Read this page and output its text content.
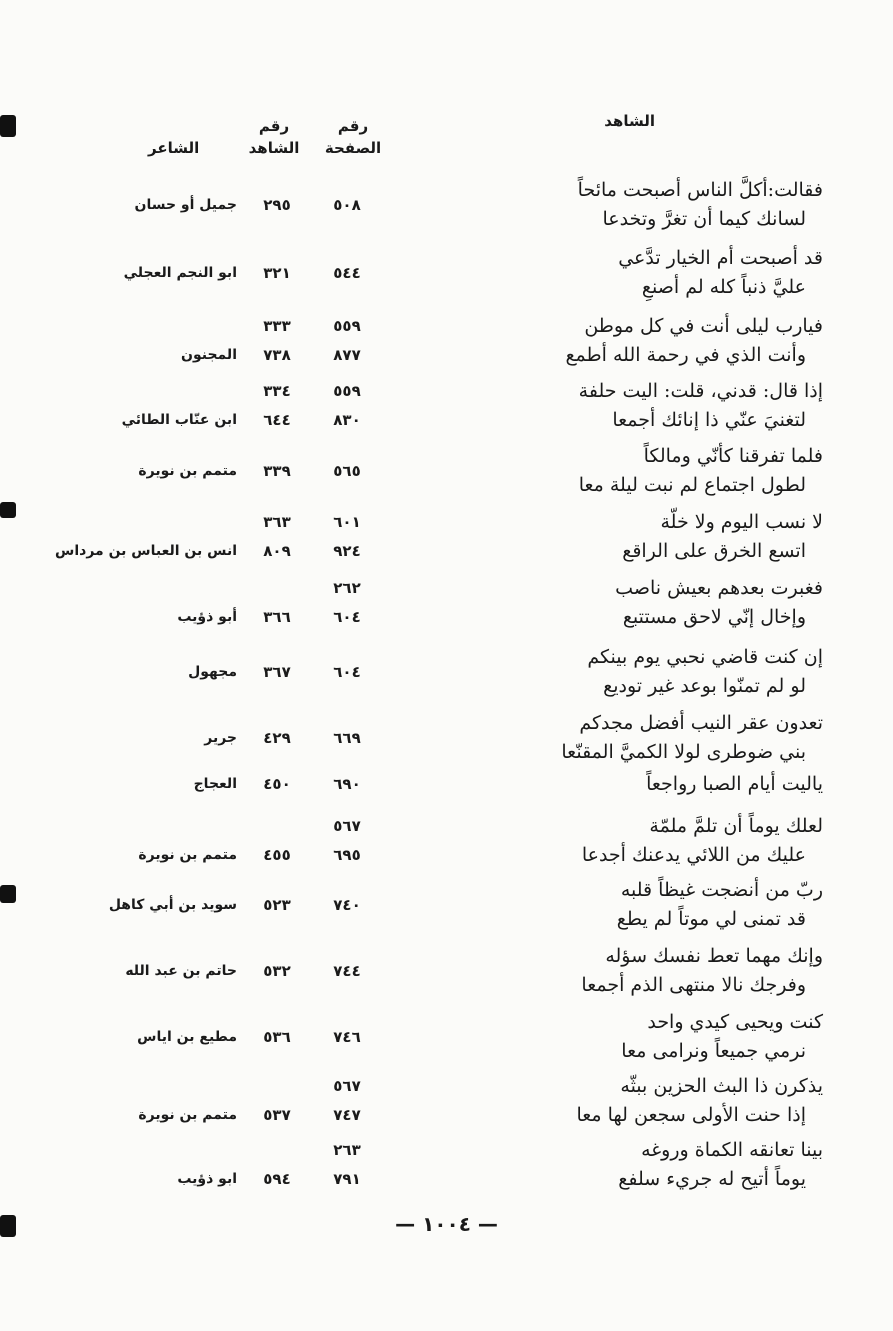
الشاهد
رقم الصفحة
رقم الشاهد
الشاعر
فقالت:أكلَّ الناس أصبحت مائحاً
لسانك كيما أن تغرَّ وتخدعا
٥٠٨
٢٩٥
جميل أو حسان
قد أصبحت أم الخيار تدَّعي
عليَّ ذنباً كله لم أصنعِ
٥٤٤
٣٢١
ابو النجم العجلي
فيارب ليلى أنت في كل موطن
وأنت الذي في رحمة الله أطمع
٥٥٩
٨٧٧
٣٣٣
٧٣٨
المجنون
إذا قال: قدني، قلت: اليت حلفة
لتغنيَ عنّي ذا إنائك أجمعا
٥٥٩
٨٣٠
٣٣٤
٦٤٤
ابن عنّاب الطائي
فلما تفرقنا كأنّي ومالكاً
لطول اجتماع لم نبت ليلة معا
٥٦٥
٣٣٩
متمم بن نويرة
لا نسب اليوم ولا خلّة
اتسع الخرق على الراقع
٦٠١
٩٢٤
٣٦٣
٨٠٩
انس بن العباس بن مرداس
فغبرت بعدهم بعيش ناصب
وإخال إنّي لاحق مستتبع
٢٦٢
٦٠٤
٣٦٦
أبو ذؤيب
إن كنت قاضي نحبي يوم بينكم
لو لم تمنّوا بوعد غير توديع
٦٠٤
٣٦٧
مجهول
تعدون عقر النيب أفضل مجدكم
بني ضوطرى لولا الكميَّ المقنّعا
٦٦٩
٤٢٩
جرير
ياليت أيام الصبا رواجعاً
٦٩٠
٤٥٠
العجاج
لعلك يوماً أن تلمَّ ملمّة
عليك من اللائي يدعنك أجدعا
٥٦٧
٦٩٥
٤٥٥
متمم بن نويرة
ربّ من أنضجت غيظاً قلبه
قد تمنى لي موتاً لم يطع
٧٤٠
٥٢٣
سويد بن أبي كاهل
وإنك مهما تعط نفسك سؤله
وفرجك نالا منتهى الذم أجمعا
٧٤٤
٥٣٢
حاتم بن عبد الله
كنت ويحيى كيدي واحد
نرمي جميعاً ونرامى معا
٧٤٦
٥٣٦
مطيع بن اياس
يذكرن ذا البث الحزين ببثّه
إذا حنت الأولى سجعن لها معا
٥٦٧
٧٤٧
٥٣٧
متمم بن نويرة
بينا تعانقه الكماة وروغه
يوماً أتيح له جريء سلفع
٢٦٣
٧٩١
٥٩٤
ابو ذؤيب
— ١٠٠٤ —
